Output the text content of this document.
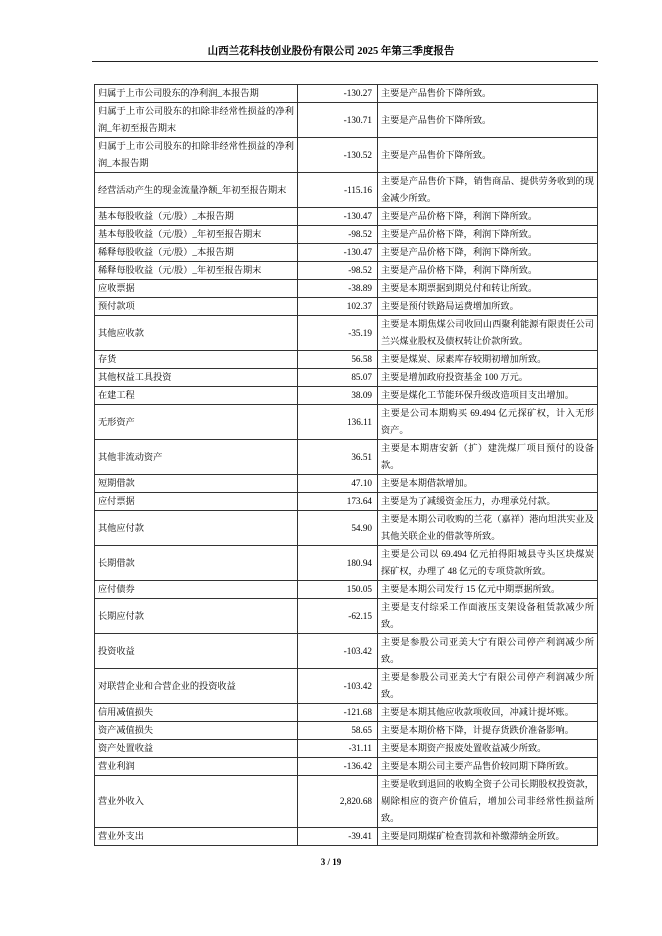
山西兰花科技创业股份有限公司 2025 年第三季度报告
归属于上市公司股东的净利润_本报告期	-130.27	主要是产品售价下降所致。
归属于上市公司股东的扣除非经常性损益的净利润_年初至报告期末	-130.71	主要是产品售价下降所致。
归属于上市公司股东的扣除非经常性损益的净利润_本报告期	-130.52	主要是产品售价下降所致。
经营活动产生的现金流量净额_年初至报告期末	-115.16	主要是产品售价下降，销售商品、提供劳务收到的现金减少所致。
基本每股收益（元/股）_本报告期	-130.47	主要是产品价格下降，利润下降所致。
基本每股收益（元/股）_年初至报告期末	-98.52	主要是产品价格下降，利润下降所致。
稀释每股收益（元/股）_本报告期	-130.47	主要是产品价格下降，利润下降所致。
稀释每股收益（元/股）_年初至报告期末	-98.52	主要是产品价格下降，利润下降所致。
应收票据	-38.89	主要是本期票据到期兑付和转让所致。
预付款项	102.37	主要是预付铁路局运费增加所致。
其他应收款	-35.19	主要是本期焦煤公司收回山西聚利能源有限责任公司兰兴煤业股权及债权转让价款所致。
存货	56.58	主要是煤炭、尿素库存较期初增加所致。
其他权益工具投资	85.07	主要是增加政府投资基金 100 万元。
在建工程	38.09	主要是煤化工节能环保升级改造项目支出增加。
无形资产	136.11	主要是公司本期购买 69.494 亿元探矿权，计入无形资产。
其他非流动资产	36.51	主要是本期唐安新（扩）建洗煤厂项目预付的设备款。
短期借款	47.10	主要是本期借款增加。
应付票据	173.64	主要是为了减缓资金压力，办理承兑付款。
其他应付款	54.90	主要是本期公司收购的兰花（嘉祥）港向坦洪实业及其他关联企业的借款等所致。
长期借款	180.94	主要是公司以 69.494 亿元拍得阳城县寺头区块煤炭探矿权，办理了 48 亿元的专项贷款所致。
应付债券	150.05	主要是本期公司发行 15 亿元中期票据所致。
长期应付款	-62.15	主要是支付综采工作面液压支架设备租赁款减少所致。
投资收益	-103.42	主要是参股公司亚美大宁有限公司停产利润减少所致。
对联营企业和合营企业的投资收益	-103.42	主要是参股公司亚美大宁有限公司停产利润减少所致。
信用减值损失	-121.68	主要是本期其他应收款项收回，冲减计提坏账。
资产减值损失	58.65	主要是本期价格下降，计提存货跌价准备影响。
资产处置收益	-31.11	主要是本期资产报废处置收益减少所致。
营业利润	-136.42	主要是本期公司主要产品售价较同期下降所致。
营业外收入	2,820.68	主要是收到退回的收购全资子公司长期股权投资款，剔除相应的资产价值后，增加公司非经常性损益所致。
营业外支出	-39.41	主要是同期煤矿检查罚款和补缴滞纳金所致。
3 / 19
